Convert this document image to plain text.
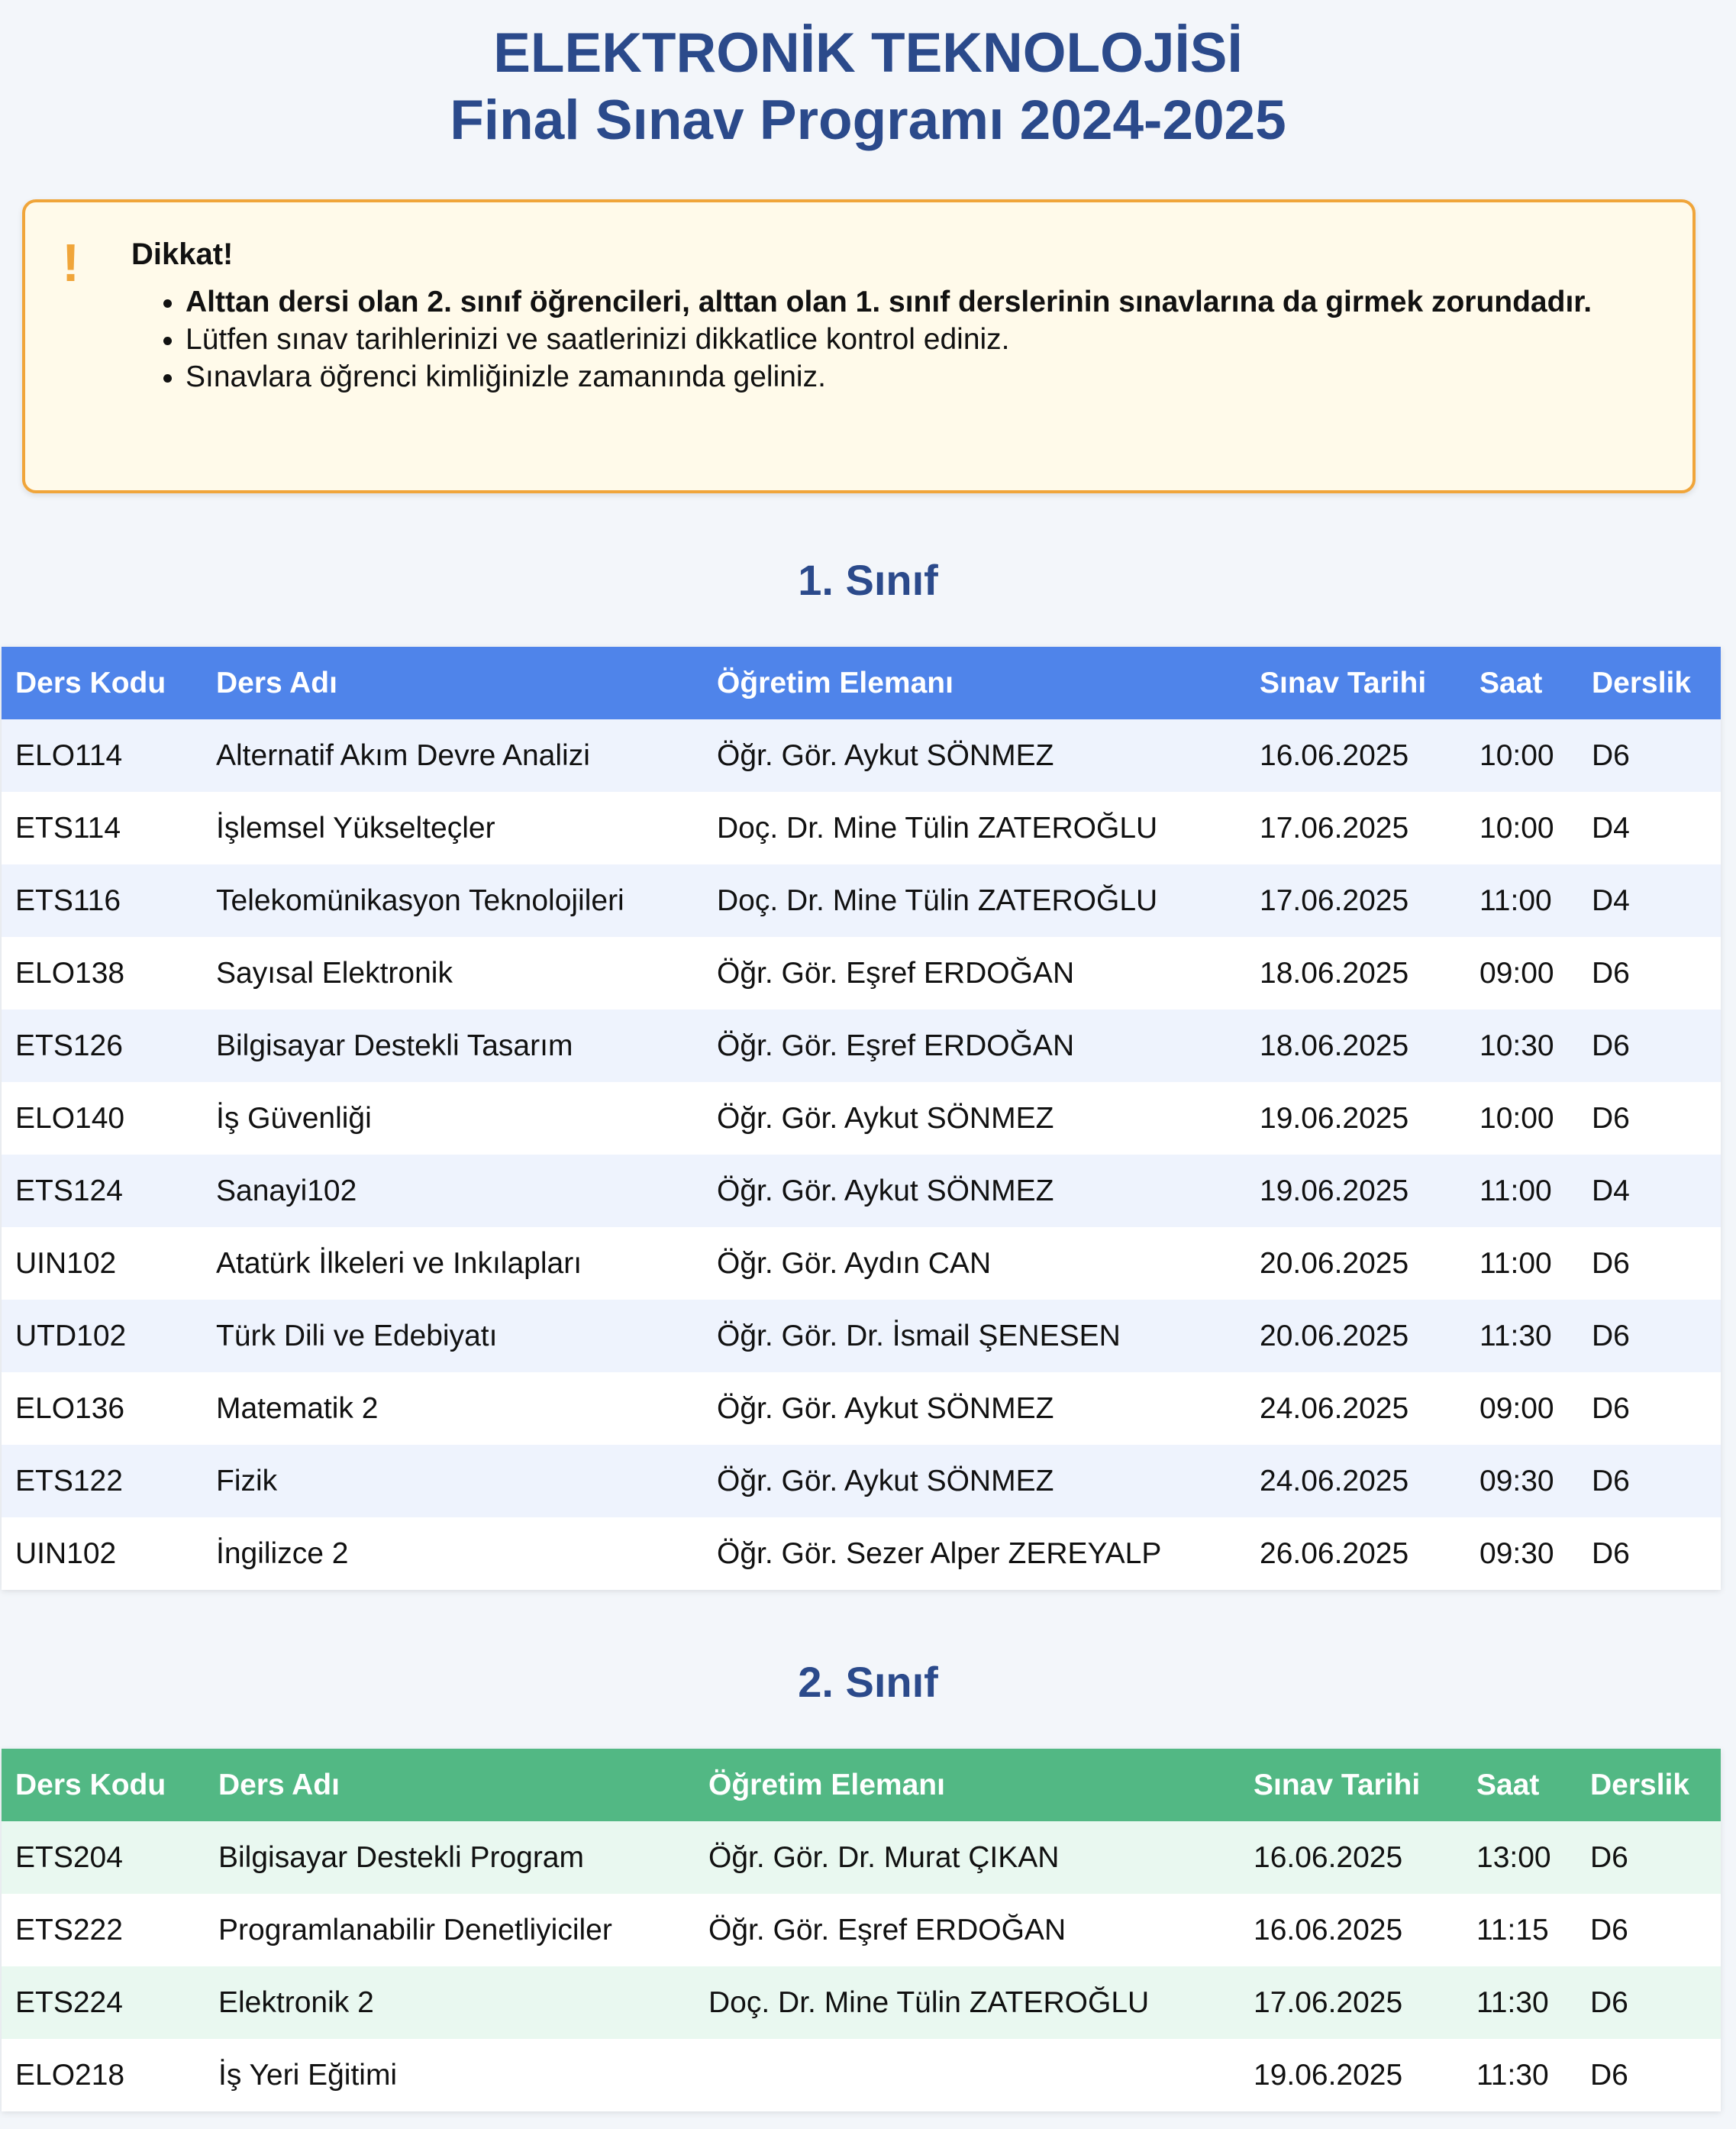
ELEKTRONİK TEKNOLOJİSİ
Final Sınav Programı 2024-2025
! Dikkat!
• Alttan dersi olan 2. sınıf öğrencileri, alttan olan 1. sınıf derslerinin sınavlarına da girmek zorundadır.
• Lütfen sınav tarihlerinizi ve saatlerinizi dikkatlice kontrol ediniz.
• Sınavlara öğrenci kimliğinizle zamanında geliniz.
1. Sınıf
Ders Kodu	Ders Adı	Öğretim Elemanı	Sınav Tarihi	Saat	Derslik
ELO114	Alternatif Akım Devre Analizi	Öğr. Gör. Aykut SÖNMEZ	16.06.2025	10:00	D6
ETS114	İşlemsel Yükselteçler	Doç. Dr. Mine Tülin ZATEROĞLU	17.06.2025	10:00	D4
ETS116	Telekomünikasyon Teknolojileri	Doç. Dr. Mine Tülin ZATEROĞLU	17.06.2025	11:00	D4
ELO138	Sayısal Elektronik	Öğr. Gör. Eşref ERDOĞAN	18.06.2025	09:00	D6
ETS126	Bilgisayar Destekli Tasarım	Öğr. Gör. Eşref ERDOĞAN	18.06.2025	10:30	D6
ELO140	İş Güvenliği	Öğr. Gör. Aykut SÖNMEZ	19.06.2025	10:00	D6
ETS124	Sanayi102	Öğr. Gör. Aykut SÖNMEZ	19.06.2025	11:00	D4
UIN102	Atatürk İlkeleri ve Inkılapları	Öğr. Gör. Aydın CAN	20.06.2025	11:00	D6
UTD102	Türk Dili ve Edebiyatı	Öğr. Gör. Dr. İsmail ŞENESEN	20.06.2025	11:30	D6
ELO136	Matematik 2	Öğr. Gör. Aykut SÖNMEZ	24.06.2025	09:00	D6
ETS122	Fizik	Öğr. Gör. Aykut SÖNMEZ	24.06.2025	09:30	D6
UIN102	İngilizce 2	Öğr. Gör. Sezer Alper ZEREYALP	26.06.2025	09:30	D6
2. Sınıf
Ders Kodu	Ders Adı	Öğretim Elemanı	Sınav Tarihi	Saat	Derslik
ETS204	Bilgisayar Destekli Program	Öğr. Gör. Dr. Murat ÇIKAN	16.06.2025	13:00	D6
ETS222	Programlanabilir Denetliyiciler	Öğr. Gör. Eşref ERDOĞAN	16.06.2025	11:15	D6
ETS224	Elektronik 2	Doç. Dr. Mine Tülin ZATEROĞLU	17.06.2025	11:30	D6
ELO218	İş Yeri Eğitimi		19.06.2025	11:30	D6
